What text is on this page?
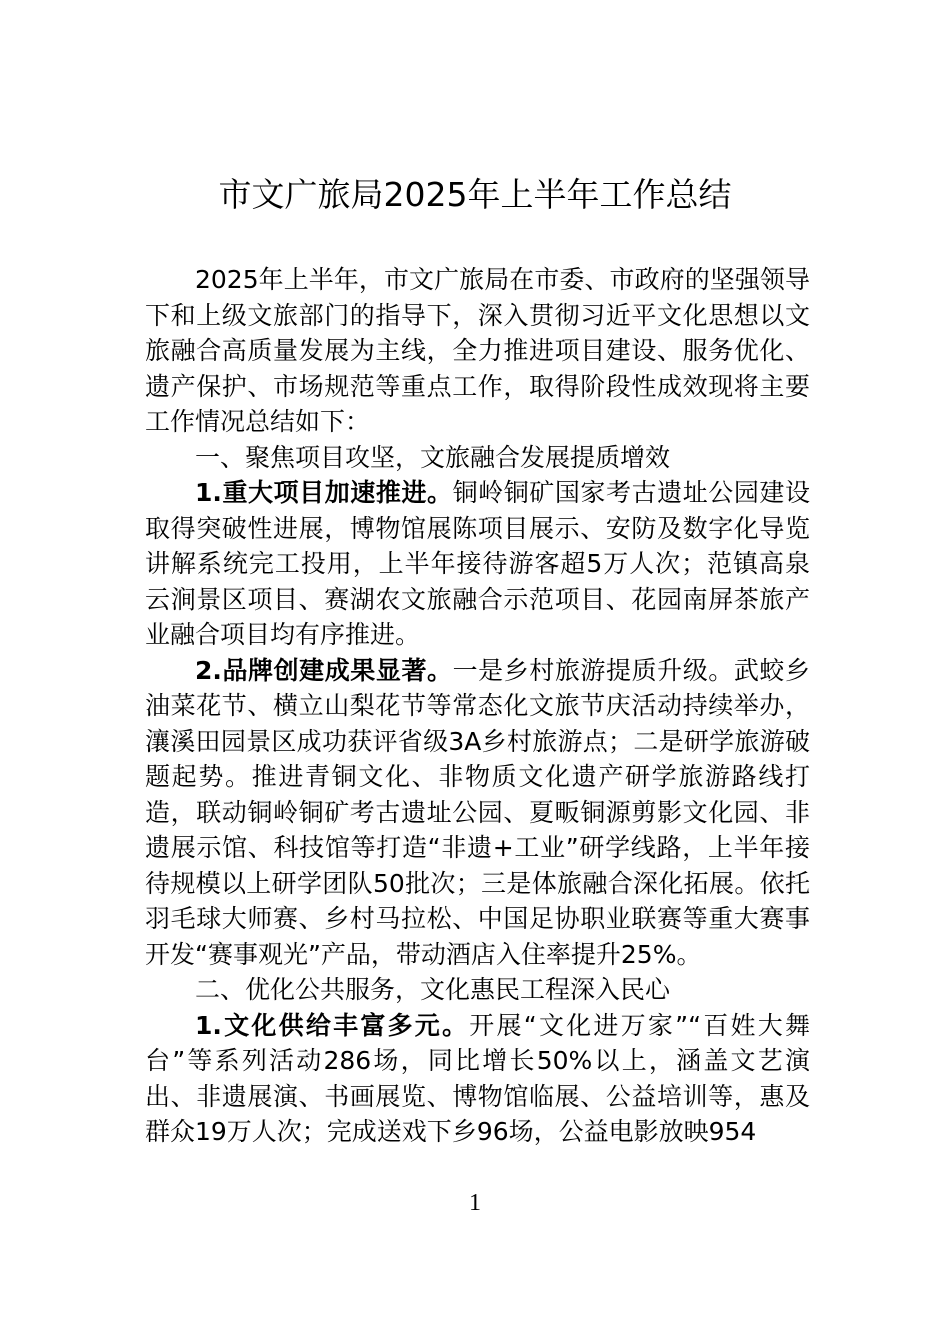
市文广旅局2025年上半年工作总结

2025年上半年，市文广旅局在市委、市政府的坚强领导下和上级文旅部门的指导下，深入贯彻习近平文化思想以文旅融合高质量发展为主线，全力推进项目建设、服务优化、遗产保护、市场规范等重点工作，取得阶段性成效现将主要工作情况总结如下：

一、聚焦项目攻坚，文旅融合发展提质增效

1.重大项目加速推进。铜岭铜矿国家考古遗址公园建设取得突破性进展，博物馆展陈项目展示、安防及数字化导览讲解系统完工投用，上半年接待游客超5万人次；范镇高泉云涧景区项目、赛湖农文旅融合示范项目、花园南屏茶旅产业融合项目均有序推进。

2.品牌创建成果显著。一是乡村旅游提质升级。武蛟乡油菜花节、横立山梨花节等常态化文旅节庆活动持续举办，瀼溪田园景区成功获评省级3A乡村旅游点；二是研学旅游破题起势。推进青铜文化、非物质文化遗产研学旅游路线打造，联动铜岭铜矿考古遗址公园、夏畈铜源剪影文化园、非遗展示馆、科技馆等打造“非遗+工业”研学线路，上半年接待规模以上研学团队50批次；三是体旅融合深化拓展。依托羽毛球大师赛、乡村马拉松、中国足协职业联赛等重大赛事开发“赛事观光”产品，带动酒店入住率提升25%。

二、优化公共服务，文化惠民工程深入民心

1.文化供给丰富多元。开展“文化进万家”“百姓大舞台”等系列活动286场，同比增长50%以上，涵盖文艺演出、非遗展演、书画展览、博物馆临展、公益培训等，惠及群众19万人次；完成送戏下乡96场，公益电影放映954

1
